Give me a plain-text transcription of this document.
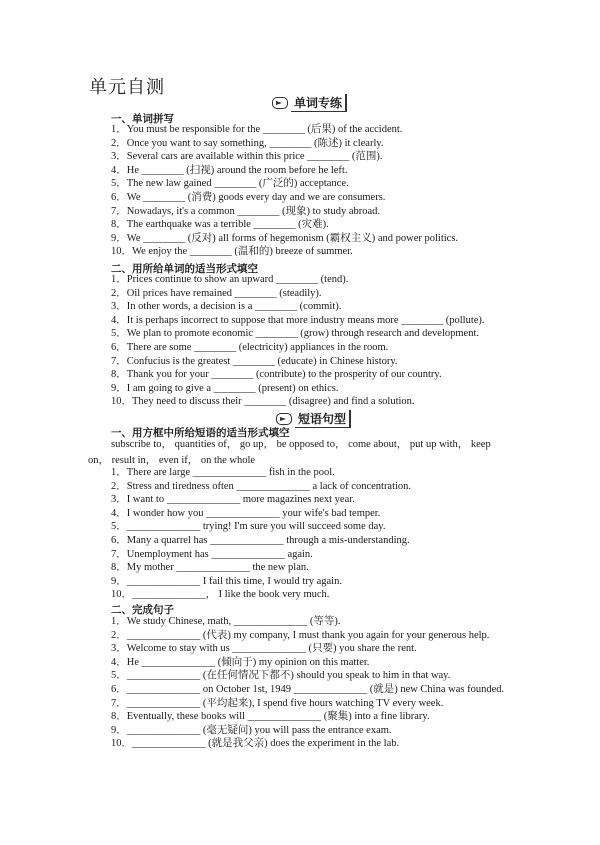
单元自测
单词专练
一、单词拼写
1．You must be responsible for the ________ (后果) of the accident.
2．Once you want to say something, ________ (陈述) it clearly.
3．Several cars are available within this price ________ (范围).
4．He ________ (扫视) around the room before he left.
5．The new law gained ________ (广泛的) acceptance.
6．We ________ (消费) goods every day and we are consumers.
7．Nowadays, it's a common ________ (现象) to study abroad.
8．The earthquake was a terrible ________ (灾难).
9．We ________ (反对) all forms of hegemonism (霸权主义) and power politics.
10．We enjoy the ________ (温和的) breeze of summer.
二、用所给单词的适当形式填空
1．Prices continue to show an upward ________ (tend).
2．Oil prices have remained ________ (steadily).
3．In other words, a decision is a ________ (commit).
4．It is perhaps incorrect to suppose that more industry means more ________ (pollute).
5．We plan to promote economic ________ (grow) through research and development.
6．There are some ________ (electricity) appliances in the room.
7．Confucius is the greatest ________ (educate) in Chinese history.
8．Thank you for your ________ (contribute) to the prosperity of our country.
9．I am going to give a ________ (present) on ethics.
10．They need to discuss their ________ (disagree) and find a solution.
短语句型
一、用方框中所给短语的适当形式填空
subscribe to， quantities of， go up， be opposed to， come about， put up with， keep
on， result in， even if， on the whole
1．There are large ______________ fish in the pool.
2．Stress and tiredness often ______________ a lack of concentration.
3．I want to ______________ more magazines next year.
4．I wonder how you ______________ your wife's bad temper.
5．______________ trying! I'm sure you will succeed some day.
6．Many a quarrel has ______________ through a mis-understanding.
7．Unemployment has ______________ again.
8．My mother ______________ the new plan.
9．______________ I fail this time, I would try again.
10．______________， I like the book very much.
二、完成句子
1．We study Chinese, math, ______________ (等等).
2．______________ (代表) my company, I must thank you again for your generous help.
3．Welcome to stay with us ______________ (只要) you share the rent.
4．He ______________ (倾向于) my opinion on this matter.
5．______________ (在任何情况下都不) should you speak to him in that way.
6．______________ on October 1st, 1949 ______________ (就是) new China was founded.
7．______________ (平均起来), I spend five hours watching TV every week.
8．Eventually, these books will ______________ (聚集) into a fine library.
9．______________ (毫无疑问) you will pass the entrance exam.
10．______________ (就是我父亲) does the experiment in the lab.
